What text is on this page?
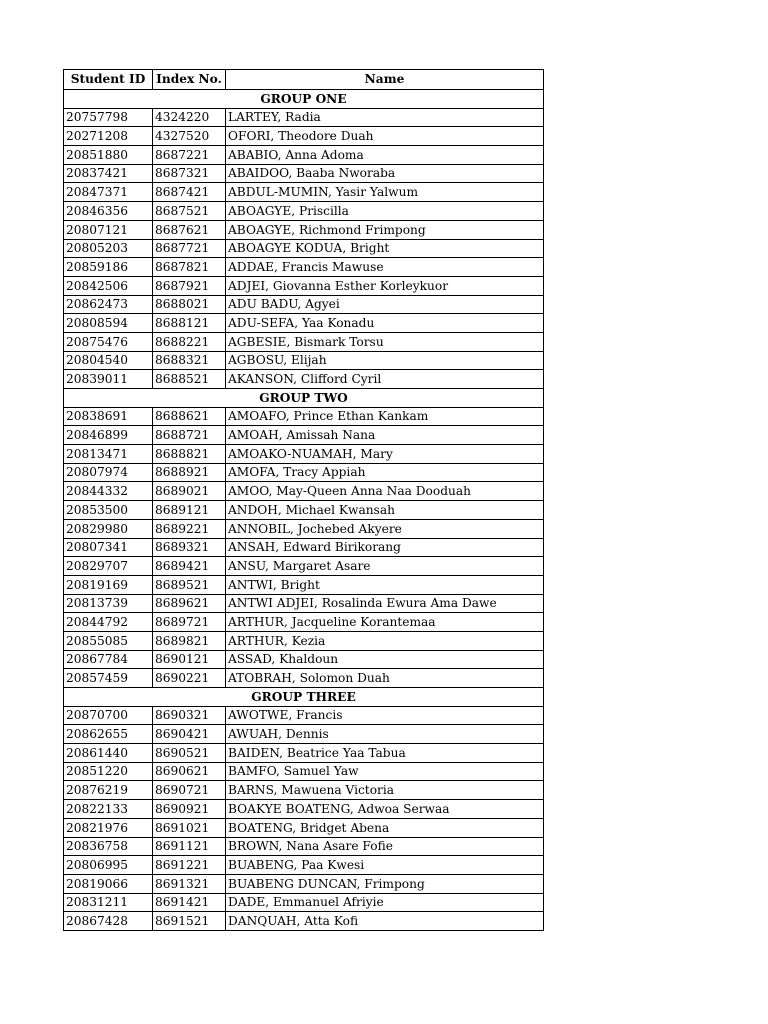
Student ID	Index No.	Name
GROUP ONE		
20757798	4324220	LARTEY, Radia
20271208	4327520	OFORI, Theodore Duah
20851880	8687221	ABABIO, Anna Adoma
20837421	8687321	ABAIDOO, Baaba Nworaba
20847371	8687421	ABDUL-MUMIN, Yasir Yalwum
20846356	8687521	ABOAGYE, Priscilla
20807121	8687621	ABOAGYE, Richmond Frimpong
20805203	8687721	ABOAGYE KODUA, Bright
20859186	8687821	ADDAE, Francis Mawuse
20842506	8687921	ADJEI, Giovanna Esther Korleykuor
20862473	8688021	ADU BADU, Agyei
20808594	8688121	ADU-SEFA, Yaa Konadu
20875476	8688221	AGBESIE, Bismark Torsu
20804540	8688321	AGBOSU, Elijah
20839011	8688521	AKANSON, Clifford Cyril
GROUP TWO		
20838691	8688621	AMOAFO, Prince Ethan Kankam
20846899	8688721	AMOAH, Amissah Nana
20813471	8688821	AMOAKO-NUAMAH, Mary
20807974	8688921	AMOFA, Tracy Appiah
20844332	8689021	AMOO, May-Queen Anna Naa Dooduah
20853500	8689121	ANDOH, Michael Kwansah
20829980	8689221	ANNOBIL, Jochebed Akyere
20807341	8689321	ANSAH, Edward Birikorang
20829707	8689421	ANSU, Margaret Asare
20819169	8689521	ANTWI, Bright
20813739	8689621	ANTWI ADJEI, Rosalinda Ewura Ama Dawe
20844792	8689721	ARTHUR, Jacqueline Korantemaa
20855085	8689821	ARTHUR, Kezia
20867784	8690121	ASSAD, Khaldoun
20857459	8690221	ATOBRAH, Solomon Duah
GROUP THREE		
20870700	8690321	AWOTWE, Francis
20862655	8690421	AWUAH, Dennis
20861440	8690521	BAIDEN, Beatrice Yaa Tabua
20851220	8690621	BAMFO, Samuel Yaw
20876219	8690721	BARNS, Mawuena Victoria
20822133	8690921	BOAKYE BOATENG, Adwoa Serwaa
20821976	8691021	BOATENG, Bridget Abena
20836758	8691121	BROWN, Nana Asare Fofie
20806995	8691221	BUABENG, Paa Kwesi
20819066	8691321	BUABENG DUNCAN, Frimpong
20831211	8691421	DADE, Emmanuel Afriyie
20867428	8691521	DANQUAH, Atta Kofi
